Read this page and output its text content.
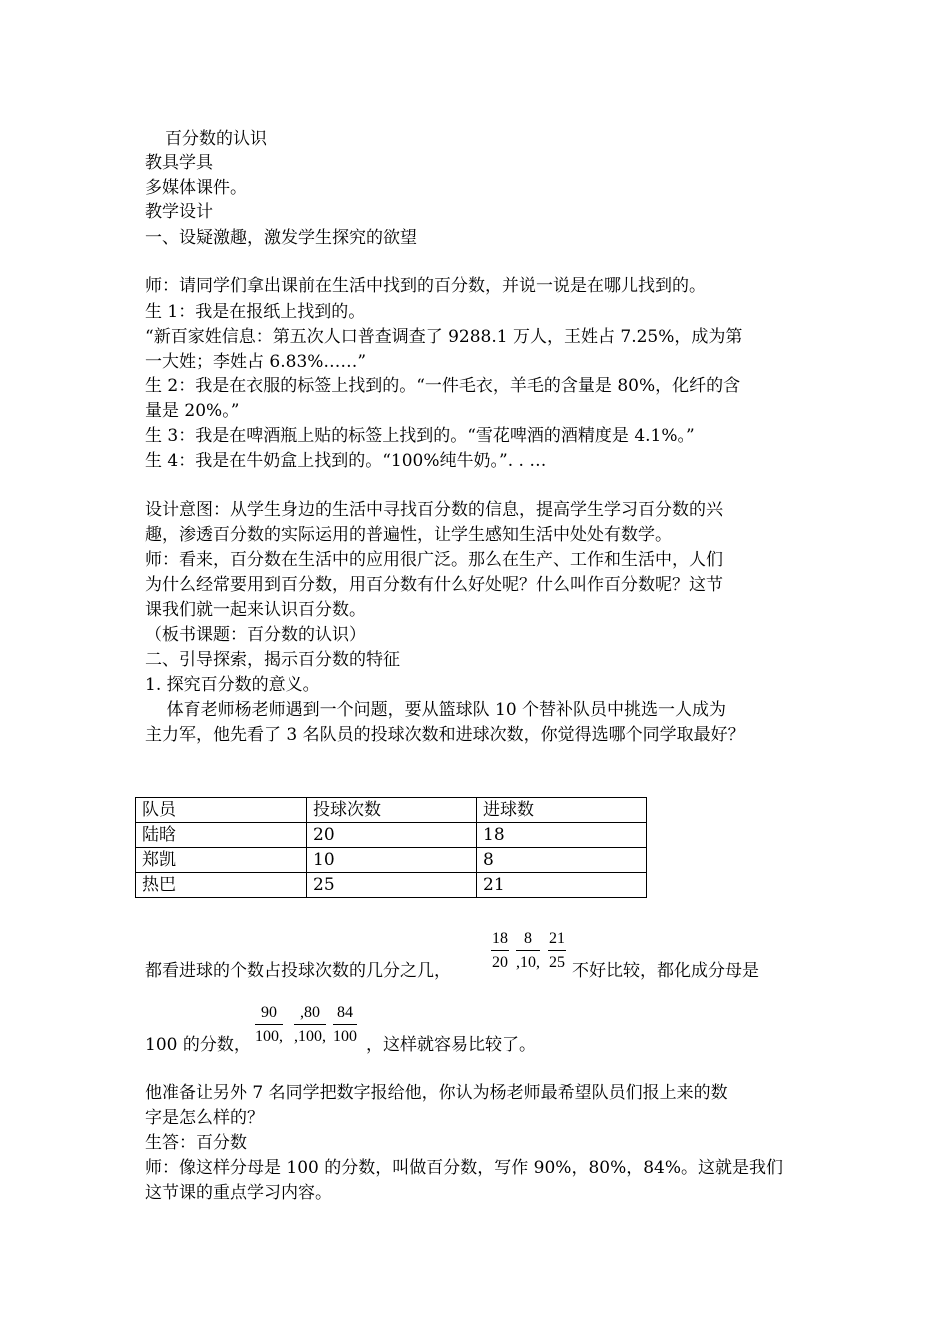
百分数的认识
教具学具
多媒体课件。
教学设计
一、设疑激趣，激发学生探究的欲望
师：请同学们拿出课前在生活中找到的百分数，并说一说是在哪儿找到的。
生 1：我是在报纸上找到的。
“新百家姓信息：第五次人口普查调查了 9288.1 万人，王姓占 7.25%，成为第
一大姓；李姓占 6.83%……”
生 2：我是在衣服的标签上找到的。“一件毛衣，羊毛的含量是 80%，化纤的含
量是 20%。”
生 3：我是在啤酒瓶上贴的标签上找到的。“雪花啤酒的酒精度是 4.1%。”
生 4：我是在牛奶盒上找到的。“100%纯牛奶。”. . …
设计意图：从学生身边的生活中寻找百分数的信息，提高学生学习百分数的兴
趣，渗透百分数的实际运用的普遍性，让学生感知生活中处处有数学。
师：看来，百分数在生活中的应用很广泛。那么在生产、工作和生活中，人们
为什么经常要用到百分数，用百分数有什么好处呢？什么叫作百分数呢？这节
课我们就一起来认识百分数。
（板书课题：百分数的认识）
二、引导探索，揭示百分数的特征
1. 探究百分数的意义。
体育老师杨老师遇到一个问题，要从篮球队 10 个替补队员中挑选一人成为
主力军，他先看了 3 名队员的投球次数和进球次数，你觉得选哪个同学取最好？
队员	投球次数	进球数
陆晗	20	18
郑凯	10	8
热巴	25	21
都看进球的个数占投球次数的几分之几，	$\frac{18}{20} \frac{8}{,10,} \frac{21}{25}$ 不好比较，都化成分母是
100 的分数， $\frac{90}{100,} \frac{,80}{,100,} \frac{84}{100}$ ，这样就容易比较了。
他准备让另外 7 名同学把数字报给他，你认为杨老师最希望队员们报上来的数
字是怎么样的？
生答：百分数
师：像这样分母是 100 的分数，叫做百分数，写作 90%，80%，84%。这就是我们
这节课的重点学习内容。
